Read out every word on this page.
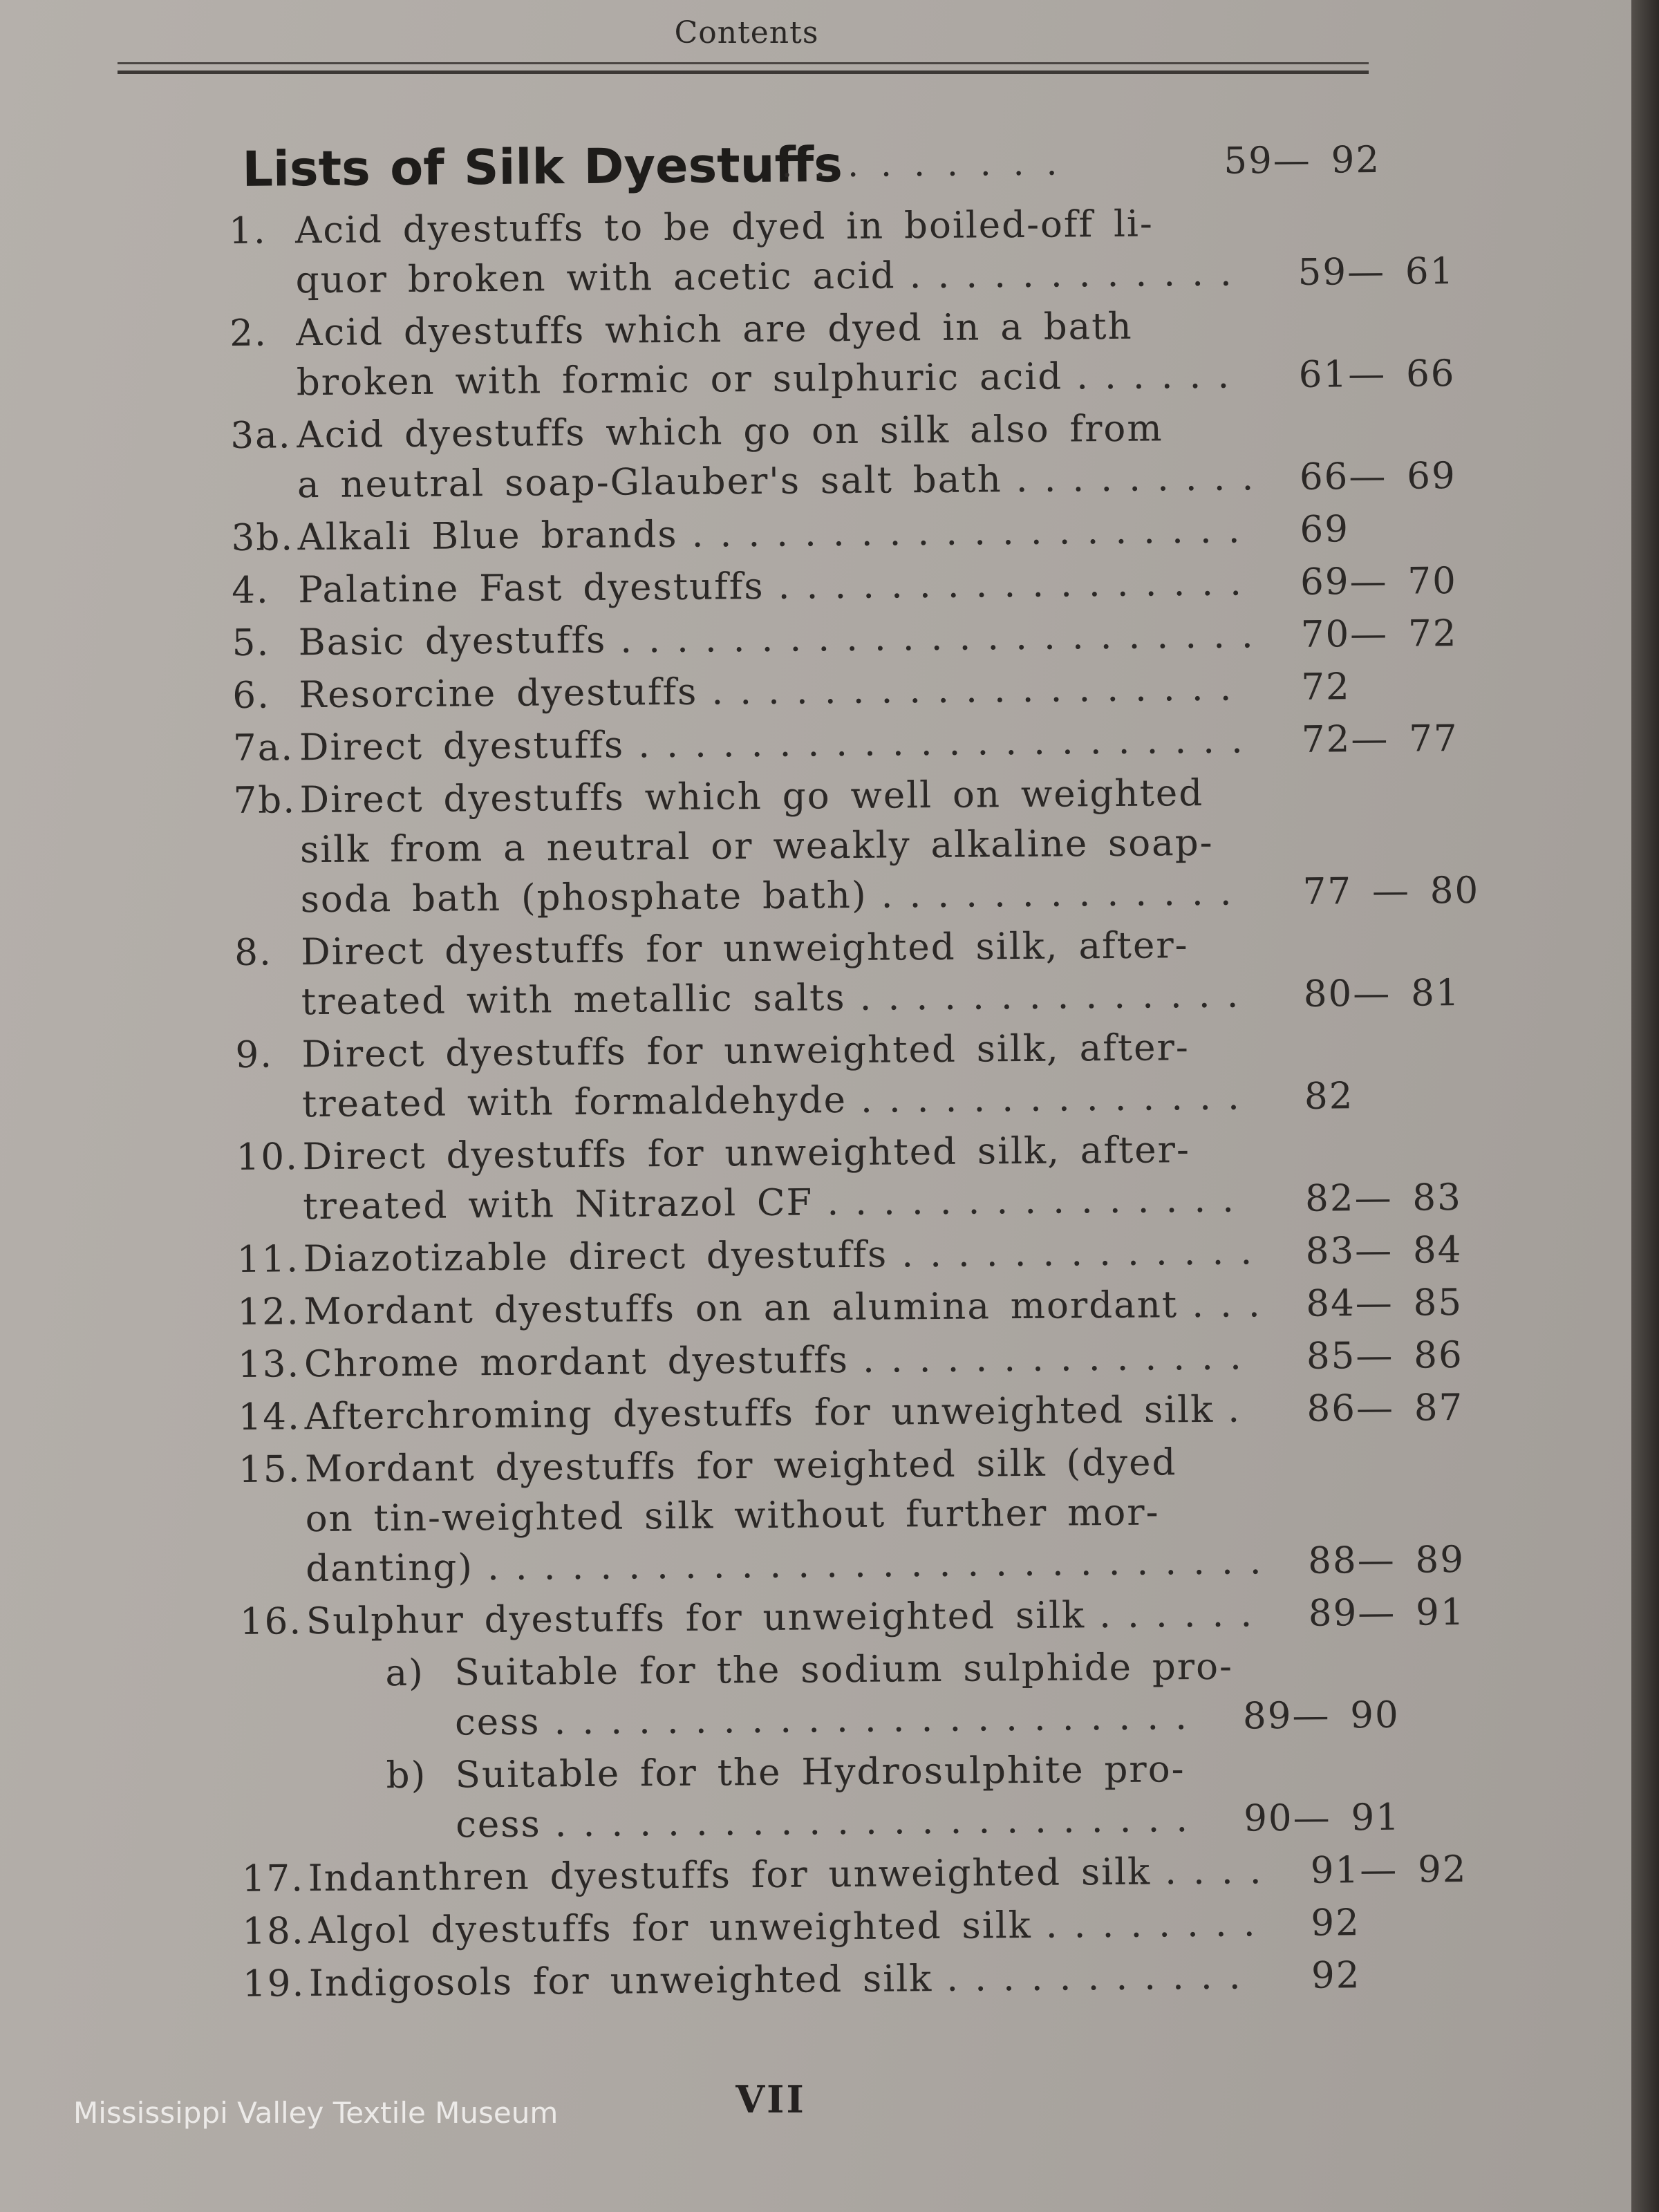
Contents
Lists of Silk Dyestuffs
.........	59— 92
1. Acid dyestuffs to be dyed in boiled-off li-
quor broken with acetic acid ............ 59— 61
2. Acid dyestuffs which are dyed in a bath
broken with formic or sulphuric acid ...... 61— 66
3a. Acid dyestuffs which go on silk also from
a neutral soap-Glauber's salt bath ......... 66— 69
3b. Alkali Blue brands .................... 69
4. Palatine Fast dyestuffs ................. 69— 70
5. Basic dyestuffs ....................... 70— 72
6. Resorcine dyestuffs ................... 72
7a. Direct dyestuffs ...................... 72— 77
7b. Direct dyestuffs which go well on weighted
silk from a neutral or weakly alkaline soap-
soda bath (phosphate bath) ............. 77 — 80
8. Direct dyestuffs for unweighted silk, after-
treated with metallic salts .............. 80— 81
9. Direct dyestuffs for unweighted silk, after-
treated with formaldehyde .............. 82
10. Direct dyestuffs for unweighted silk, after-
treated with Nitrazol CF ............... 82— 83
11. Diazotizable direct dyestuffs ............. 83— 84
12. Mordant dyestuffs on an alumina mordant ... 84— 85
13. Chrome mordant dyestuffs .............. 85— 86
14. Afterchroming dyestuffs for unweighted silk . 86— 87
15. Mordant dyestuffs for weighted silk (dyed
on tin-weighted silk without further mor-
danting) ............................ 88— 89
16. Sulphur dyestuffs for unweighted silk ...... 89— 91
a) Suitable for the sodium sulphide pro-
cess ....................... 89— 90
b) Suitable for the Hydrosulphite pro-
cess ....................... 90— 91
17. Indanthren dyestuffs for unweighted silk .... 91— 92
18. Algol dyestuffs for unweighted silk ........ 92
19. Indigosols for unweighted silk ........... 92
VII
Mississippi Valley Textile Museum
